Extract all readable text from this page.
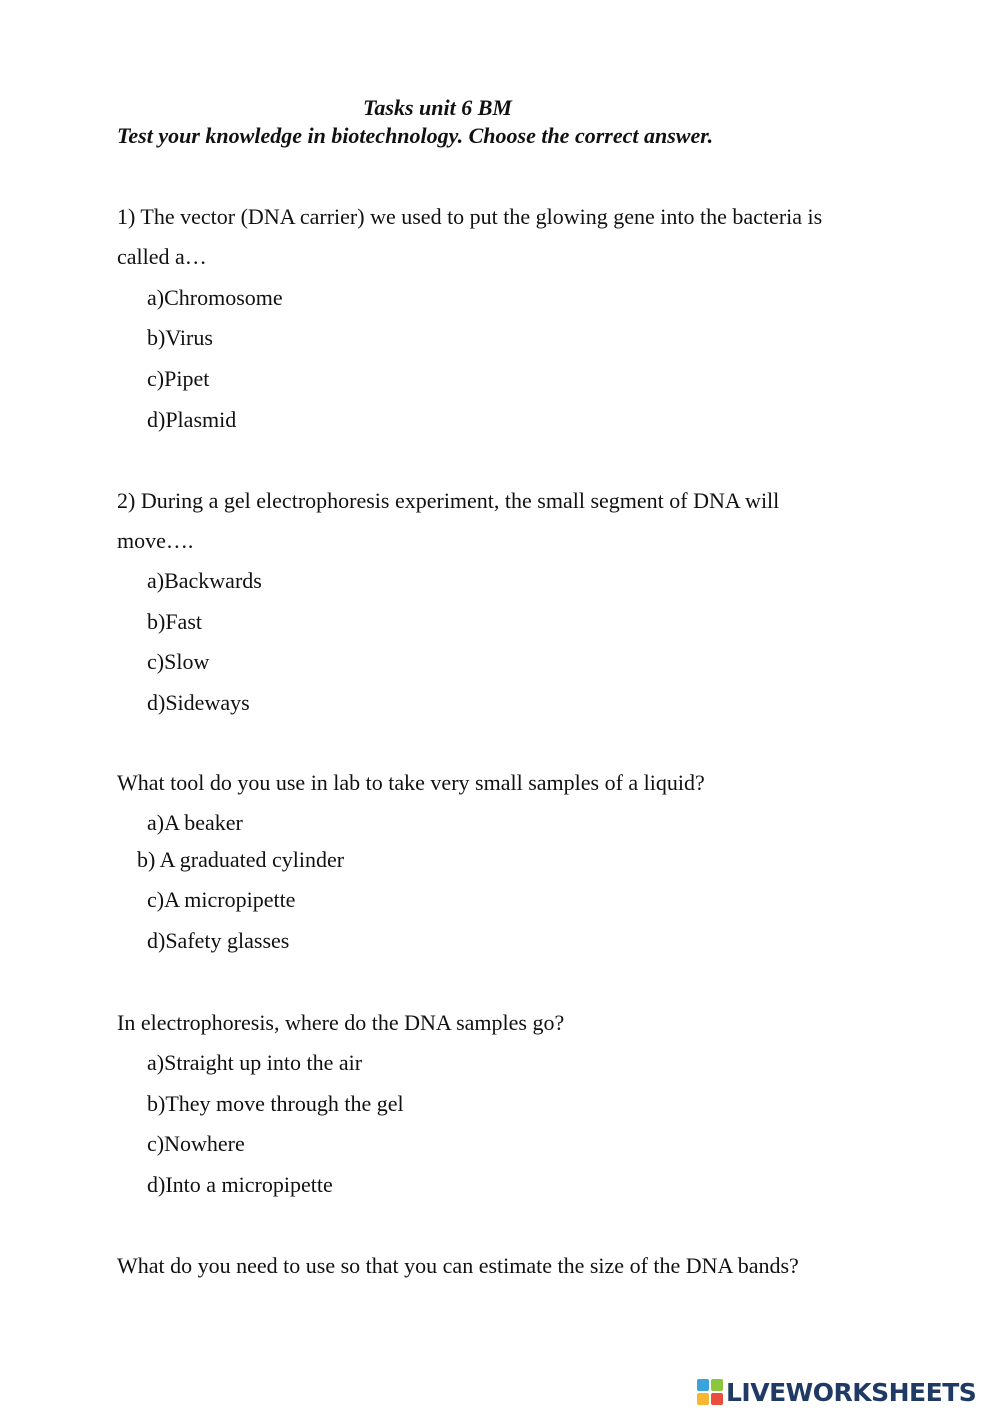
Tasks unit 6 BM
Test your knowledge in biotechnology. Choose the correct answer.
1) The vector (DNA carrier) we used to put the glowing gene into the bacteria is
called a…
a)Chromosome
b)Virus
c)Pipet
d)Plasmid
2) During a gel electrophoresis experiment, the small segment of DNA will
move….
a)Backwards
b)Fast
c)Slow
d)Sideways
What tool do you use in lab to take very small samples of a liquid?
a)A beaker
b) A graduated cylinder
c)A micropipette
d)Safety glasses
In electrophoresis, where do the DNA samples go?
a)Straight up into the air
b)They move through the gel
c)Nowhere
d)Into a micropipette
What do you need to use so that you can estimate the size of the DNA bands?
LIVEWORKSHEETS
